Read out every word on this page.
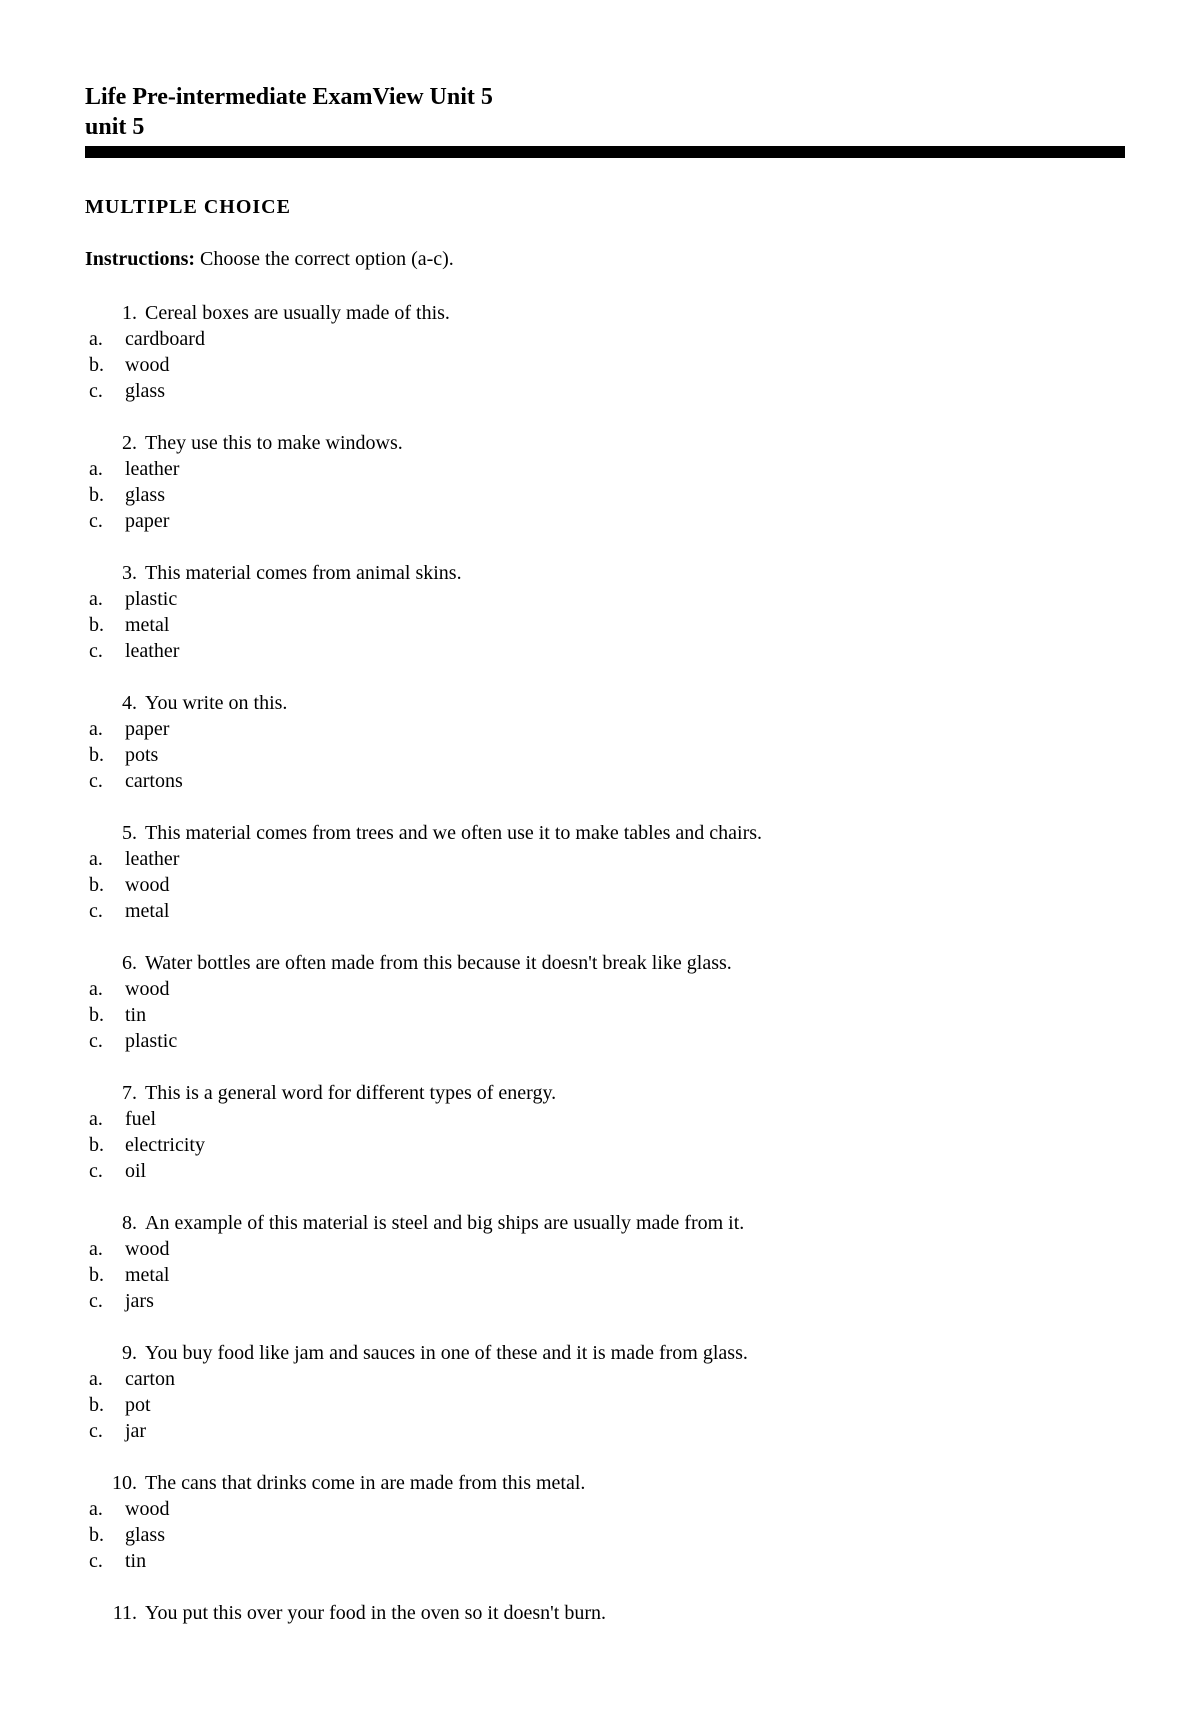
Life Pre-intermediate ExamView Unit 5
unit 5
MULTIPLE CHOICE
Instructions: Choose the correct option (a-c).
1. Cereal boxes are usually made of this.
a. cardboard
b. wood
c. glass
2. They use this to make windows.
a. leather
b. glass
c. paper
3. This material comes from animal skins.
a. plastic
b. metal
c. leather
4. You write on this.
a. paper
b. pots
c. cartons
5. This material comes from trees and we often use it to make tables and chairs.
a. leather
b. wood
c. metal
6. Water bottles are often made from this because it doesn't break like glass.
a. wood
b. tin
c. plastic
7. This is a general word for different types of energy.
a. fuel
b. electricity
c. oil
8. An example of this material is steel and big ships are usually made from it.
a. wood
b. metal
c. jars
9. You buy food like jam and sauces in one of these and it is made from glass.
a. carton
b. pot
c. jar
10. The cans that drinks come in are made from this metal.
a. wood
b. glass
c. tin
11. You put this over your food in the oven so it doesn't burn.
